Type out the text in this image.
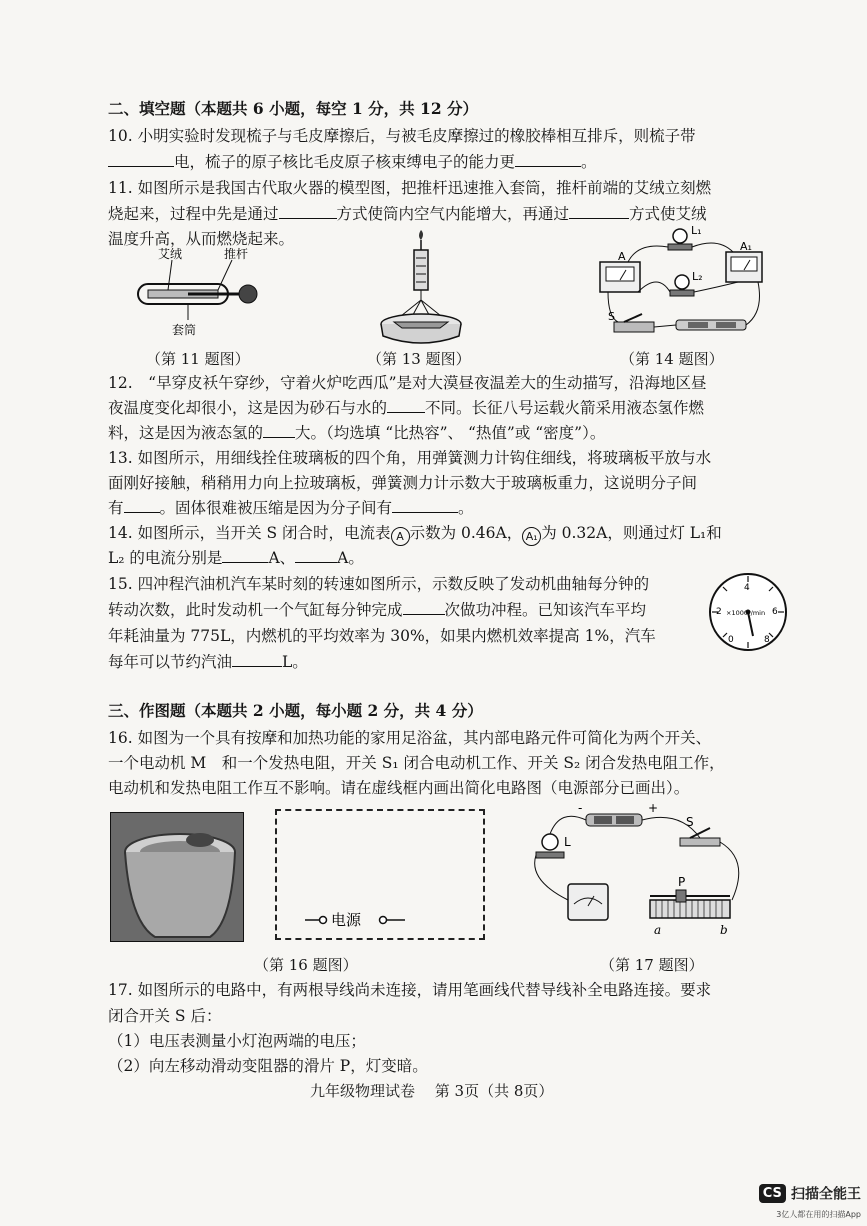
二、填空题（本题共 6 小题，每空 1 分，共 12 分）
10. 小明实验时发现梳子与毛皮摩擦后，与被毛皮摩擦过的橡胶棒相互排斥，则梳子带
电，梳子的原子核比毛皮原子核束缚电子的能力更	。
11. 如图所示是我国古代取火器的模型图，把推杆迅速推入套筒，推杆前端的艾绒立刻燃
烧起来，过程中先是通过	方式使筒内空气内能增大，再通过	方式使艾绒
温度升高，从而燃烧起来。
艾绒	推杆
套筒
A
A₁
L₁
L₂
S
（第 11 题图）	（第 13 题图）	（第 14 题图）
12.　“早穿皮袄午穿纱，守着火炉吃西瓜”是对大漠昼夜温差大的生动描写，沿海地区昼
夜温度变化却很小，这是因为砂石与水的 不同。长征八号运载火箭采用液态氢作燃
料，这是因为液态氢的 大。（均选填 “比热容”、 “热值”或 “密度”）。
13. 如图所示，用细线拴住玻璃板的四个角，用弹簧测力计钩住细线，将玻璃板平放与水
面刚好接触，稍稍用力向上拉玻璃板，弹簧测力计示数大于玻璃板重力，这说明分子间
有 。固体很难被压缩是因为分子间有	。
14. 如图所示，当开关 S 闭合时，电流表 A 示数为 0.46A， A₁ 为 0.32A，则通过灯 L₁和
L₂ 的电流分别是	A、	A。
15. 四冲程汽油机汽车某时刻的转速如图所示，示数反映了发动机曲轴每分钟的
转动次数，此时发动机一个气缸每分钟完成	次做功冲程。已知该汽车平均
年耗油量为 775L，内燃机的平均效率为 30%，如果内燃机效率提高 1%，汽车
每年可以节约汽油	L。
×1000r/min
0
2
4
6
8
三、作图题（本题共 2 小题，每小题 2 分，共 4 分）
16. 如图为一个具有按摩和加热功能的家用足浴盆，其内部电路元件可简化为两个开关、
一个电动机 M　和一个发热电阻，开关 S₁ 闭合电动机工作、开关 S₂ 闭合发热电阻工作，
电动机和发热电阻工作互不影响。请在虚线框内画出简化电路图（电源部分已画出）。
电源
-	+
L
S
P
a	b
（第 16 题图）	（第 17 题图）
17. 如图所示的电路中，有两根导线尚未连接，请用笔画线代替导线补全电路连接。要求
闭合开关 S 后：
（1）电压表测量小灯泡两端的电压；
（2）向左移动滑动变阻器的滑片 P，灯变暗。
九年级物理试卷　 第 3页（共 8页）
CS 扫描全能王
3亿人都在用的扫描App
